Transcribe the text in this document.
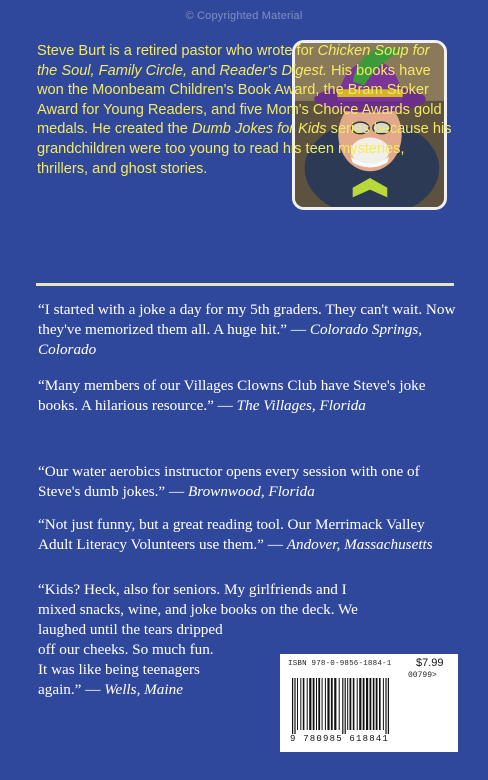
© Copyrighted Material

Steve Burt is a retired pastor who wrote for Chicken Soup for the Soul, Family Circle, and Reader's Digest. His books have won the Moonbeam Children's Book Award, the Bram Stoker Award for Young Readers, and five Mom's Choice Awards gold medals. He created the Dumb Jokes for Kids series because his grandchildren were too young to read his teen mysteries, thrillers, and ghost stories.

“I started with a joke a day for my 5th graders. They can't wait. Now they've memorized them all. A huge hit.” — Colorado Springs, Colorado

“Many members of our Villages Clowns Club have Steve's joke books. A hilarious resource.” — The Villages, Florida

“Our water aerobics instructor opens every session with one of Steve's dumb jokes.” — Brownwood, Florida

“Not just funny, but a great reading tool. Our Merrimack Valley Adult Literacy Volunteers use them.” — Andover, Massachusetts

“Kids? Heck, also for seniors. My girlfriends and I
mixed snacks, wine, and joke books on the deck. We
laughed until the tears dripped
off our cheeks. So much fun.
It was like being teenagers
again.” — Wells, Maine
ISBN 978-0-9856-1884-1 $7.99
00799>
9 780985 618841
